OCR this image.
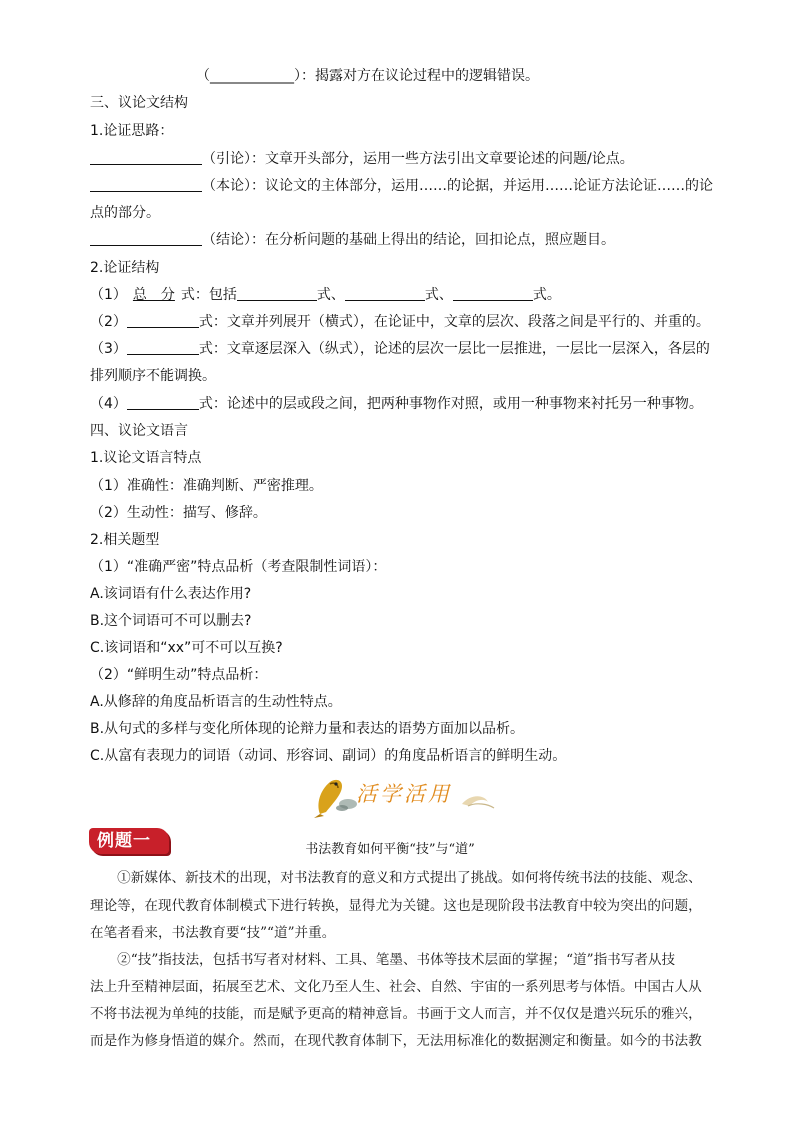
（____________）：揭露对方在议论过程中的逻辑错误。
三、议论文结构
1.论证思路：
（引论）：文章开头部分，运用一些方法引出文章要论述的问题/论点。
（本论）：议论文的主体部分，运用……的论据，并运用……论证方法论证……的论
点的部分。
（结论）：在分析问题的基础上得出的结论，回扣论点，照应题目。
2.论证结构
（1） 总　分 式：包括	式、	式、	式。
（2）	式：文章并列展开（横式），在论证中，文章的层次、段落之间是平行的、并重的。
（3）	式：文章逐层深入（纵式），论述的层次一层比一层推进，一层比一层深入，各层的
排列顺序不能调换。
（4）	式：论述中的层或段之间，把两种事物作对照，或用一种事物来衬托另一种事物。
四、议论文语言
1.议论文语言特点
（1）准确性：准确判断、严密推理。
（2）生动性：描写、修辞。
2.相关题型
（1）“准确严密”特点品析（考查限制性词语）：
A.该词语有什么表达作用?
B.这个词语可不可以删去?
C.该词语和“xx”可不可以互换?
（2）“鲜明生动”特点品析：
A.从修辞的角度品析语言的生动性特点。
B.从句式的多样与变化所体现的论辩力量和表达的语势方面加以品析。
C.从富有表现力的词语（动词、形容词、副词）的角度品析语言的鲜明生动。
活学活用
例题一	书法教育如何平衡“技”与“道”
　　①新媒体、新技术的出现，对书法教育的意义和方式提出了挑战。如何将传统书法的技能、观念、
理论等，在现代教育体制模式下进行转换，显得尤为关键。这也是现阶段书法教育中较为突出的问题，
在笔者看来，书法教育要“技”“道”并重。
　　②“技”指技法，包括书写者对材料、工具、笔墨、书体等技术层面的掌握；“道”指书写者从技
法上升至精神层面，拓展至艺术、文化乃至人生、社会、自然、宇宙的一系列思考与体悟。中国古人从
不将书法视为单纯的技能，而是赋予更高的精神意旨。书画于文人而言，并不仅仅是遣兴玩乐的雅兴，
而是作为修身悟道的媒介。然而，在现代教育体制下，无法用标准化的数据测定和衡量。如今的书法教
